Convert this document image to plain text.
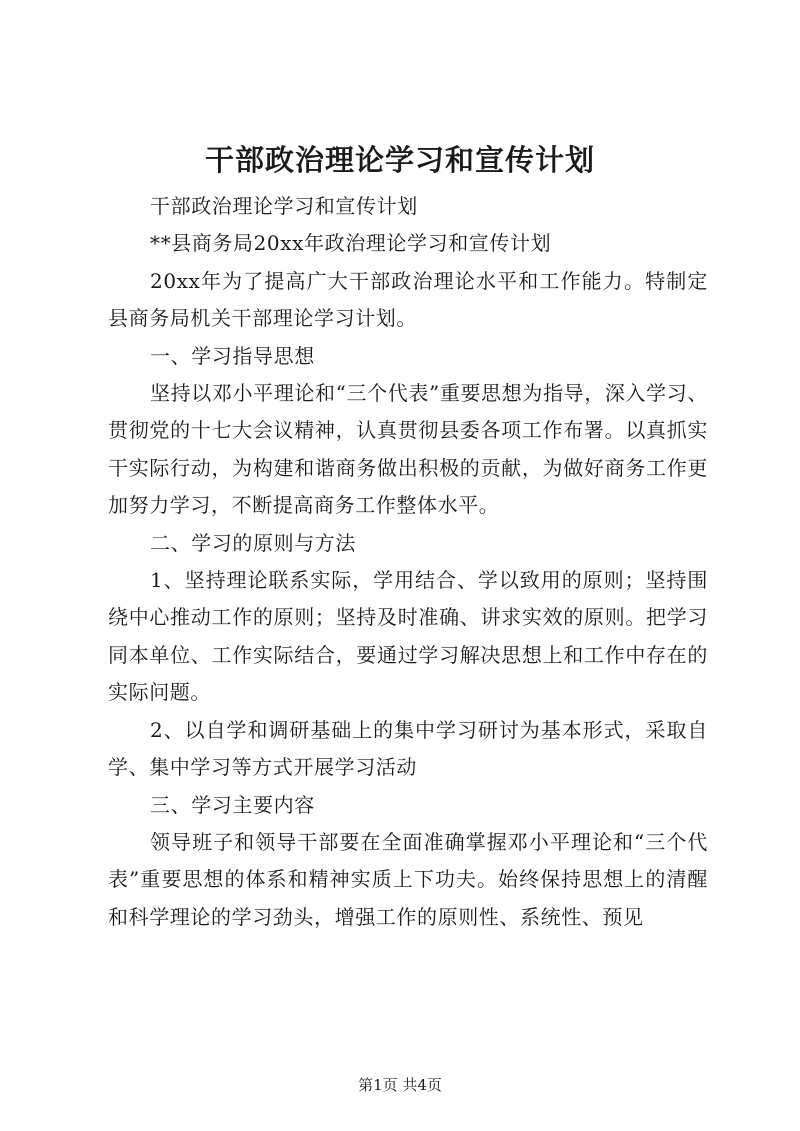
干部政治理论学习和宣传计划

干部政治理论学习和宣传计划

**县商务局20xx年政治理论学习和宣传计划

20xx年为了提高广大干部政治理论水平和工作能力。特制定县商务局机关干部理论学习计划。

一、学习指导思想

坚持以邓小平理论和“三个代表”重要思想为指导，深入学习、贯彻党的十七大会议精神，认真贯彻县委各项工作布署。以真抓实干实际行动，为构建和谐商务做出积极的贡献，为做好商务工作更加努力学习，不断提高商务工作整体水平。

二、学习的原则与方法

1、坚持理论联系实际，学用结合、学以致用的原则；坚持围绕中心推动工作的原则；坚持及时准确、讲求实效的原则。把学习同本单位、工作实际结合，要通过学习解决思想上和工作中存在的实际问题。

2、以自学和调研基础上的集中学习研讨为基本形式，采取自学、集中学习等方式开展学习活动

三、学习主要内容

领导班子和领导干部要在全面准确掌握邓小平理论和“三个代表”重要思想的体系和精神实质上下功夫。始终保持思想上的清醒和科学理论的学习劲头，增强工作的原则性、系统性、预见

第1页 共4页
